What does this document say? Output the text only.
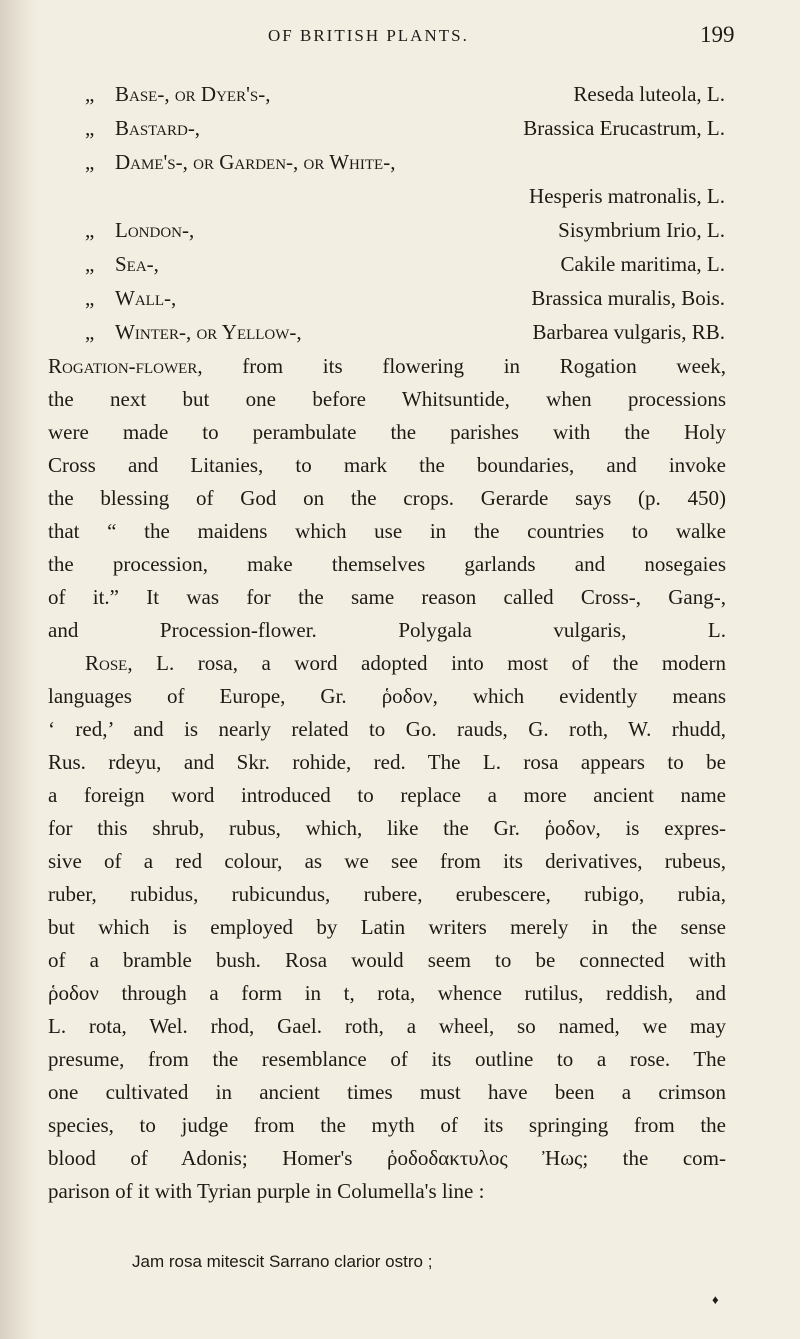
OF BRITISH PLANTS.	199
„ Base-, or Dyer's-,	Reseda luteola, L.
„ Bastard-,	Brassica Erucastrum, L.
„ Dame's-, or Garden-, or White-,
Hesperis matronalis, L.
„ London-,	Sisymbrium Irio, L.
„ Sea-,	Cakile maritima, L.
„ Wall-,	Brassica muralis, Bois.
„ Winter-, or Yellow-,	Barbarea vulgaris, RB.
Rogation-flower, from its flowering in Rogation week,
the next but one before Whitsuntide, when processions
were made to perambulate the parishes with the Holy
Cross and Litanies, to mark the boundaries, and invoke
the blessing of God on the crops. Gerarde says (p. 450)
that “ the maidens which use in the countries to walke
the procession, make themselves garlands and nosegaies
of it.” It was for the same reason called Cross-, Gang-,
and Procession-flower. Polygala vulgaris, L.
Rose, L. rosa, a word adopted into most of the modern
languages of Europe, Gr. ῥοδον, which evidently means
‘ red,’ and is nearly related to Go. rauds, G. roth, W. rhudd,
Rus. rdeyu, and Skr. rohide, red. The L. rosa appears to be
a foreign word introduced to replace a more ancient name
for this shrub, rubus, which, like the Gr. ῥοδον, is expres-
sive of a red colour, as we see from its derivatives, rubeus,
ruber, rubidus, rubicundus, rubere, erubescere, rubigo, rubia,
but which is employed by Latin writers merely in the sense
of a bramble bush. Rosa would seem to be connected with
ῥοδον through a form in t, rota, whence rutilus, reddish, and
L. rota, Wel. rhod, Gael. roth, a wheel, so named, we may
presume, from the resemblance of its outline to a rose. The
one cultivated in ancient times must have been a crimson
species, to judge from the myth of its springing from the
blood of Adonis; Homer's ῥοδοδακτυλος Ἠως; the com-
parison of it with Tyrian purple in Columella's line :
Jam rosa mitescit Sarrano clarior ostro ;
♦
